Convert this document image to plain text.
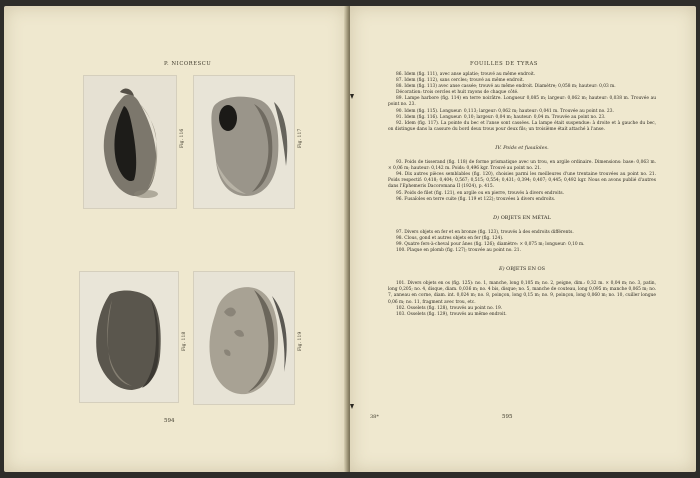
P. NICORESCU
Fig. 116	Fig. 117
Fig. 118	Fig. 119
594
FOUILLES DE TYRAS

86. Idem (fig. 111), avec anse aplatie; trouvé au même endroit.

87. Idem (fig. 112), sans cercles; trouvé au même endroit.

88. Idem (fig. 113) avec anse cassée; trouvé au même endroit. Diamètre; 0,058 m; hauteur: 0,03 m.

Décoration: trois cercles et huit rayons de chaque côté.

89. Lampe harbore (fig. 114) en terre noirâtre. Longueur 0,085 m; largeur: 0,062 m; hauteur: 0,038 m. Trouvée au point no. 23.

90. Idem (fig. 115). Longueur: 0,113; largeur: 0,062 m; hauteur: 0,041 m. Trouvée au point no. 23.

91. Idem (fig. 116). Longueur: 0,10; largeur: 0,04 m; hauteur: 0,04 m. Trouvée au point no. 23.

92. Idem (fig. 117). La pointe du bec et l'anse sont cassées. La lampe était suspendue: à droite et à gauche du bec, on distingue dans la cassure du bord deux trous pour deux fils; un troisième était attaché à l'anse.

IV. Poids et fusaïoles.

93. Poids de tisserand (fig. 118) de forme prismatique avec un trou, en argile ordinaire. Dimensions: base: 0,063 m. × 0,06 m; hauteur: 0,142 m. Poids: 0,496 kgr. Trouvé au point no. 21.

94. Dix autres pièces semblables (fig. 120), choisies parmi les meilleures d'une trentaine trouvées au point no. 21. Poids respectif: 0,418; 0,404; 0,567; 0,515; 0,554; 0,431; 0,394; 0,407; 0,445; 0,492 kgr. Nous en avons publié d'autres dans l'Ephemeris Dacoromana II (1924), p. 415.

95. Poids de filet (fig. 121), en argile ou en pierre, trouvés à divers endroits.

96. Fusaïoles en terre cuite (fig. 119 et 122); trouvées à divers endroits.

D) OBJETS EN MÉTAL

97. Divers objets en fer et en bronze (fig. 123), trouvés à des endroits différents.

98. Clous, gond et autres objets en fer (fig. 124).

99. Quatre fers-à-cheval pour ânes (fig. 126); diamètre: × 0,075 m; longueur: 0,10 m.

100. Plaque en plomb (fig. 127); trouvée au point no. 21.

E) OBJETS EN OS

101. Divers objets en os (fig. 125): no. 1, manche, long 0,105 m; no. 2, peigne, dim.: 0,32 m. × 0,04 m; no. 3, patin, long 0,205; no. 4, disque, diam. 0,036 m; no. 4 bis, disque; no. 5, manche de couteau, long 0,095 m; manche 0,065 m; no. 7, anneau en corne, diam. int. 0,024 m; no. 8, poinçon, long 0,15 m; no. 9, poinçon, long 0,060 m; no. 10, cuiller longue 0,06 m; no. 11, fragment avec trou, etc.

102. Osselets (fig. 128), trouvés au point no. 19.

103. Osselets (fig. 129), trouvés au même endroit.

38*	595
